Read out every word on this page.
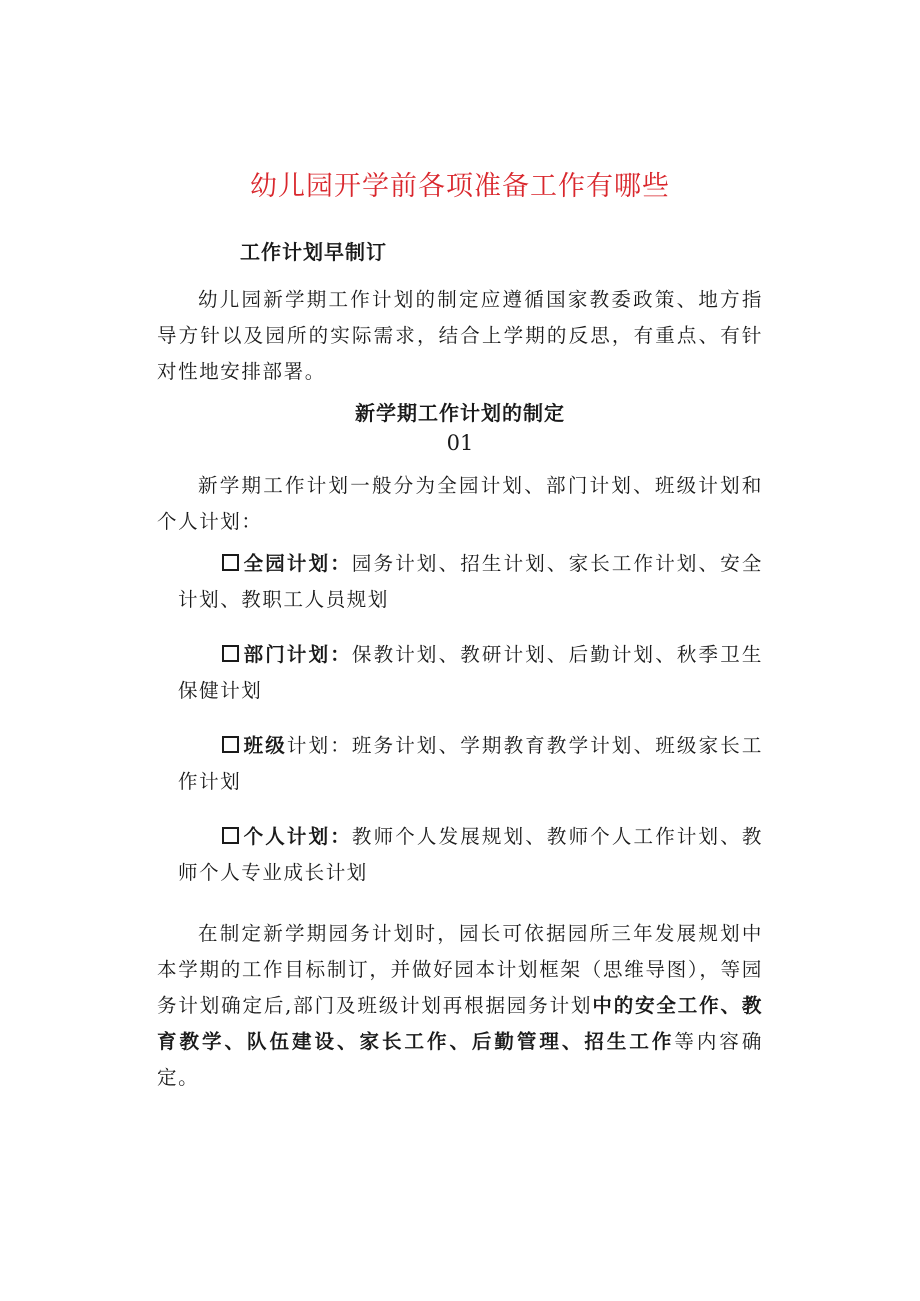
幼儿园开学前各项准备工作有哪些
工作计划早制订

幼儿园新学期工作计划的制定应遵循国家教委政策、地方指导方针以及园所的实际需求，结合上学期的反思，有重点、有针对性地安排部署。

新学期工作计划的制定

01

新学期工作计划一般分为全园计划、部门计划、班级计划和个人计划：

全园计划：园务计划、招生计划、家长工作计划、安全计划、教职工人员规划
部门计划：保教计划、教研计划、后勤计划、秋季卫生保健计划
班级计划：班务计划、学期教育教学计划、班级家长工作计划
个人计划：教师个人发展规划、教师个人工作计划、教师个人专业成长计划

在制定新学期园务计划时，园长可依据园所三年发展规划中本学期的工作目标制订，并做好园本计划框架（思维导图），等园务计划确定后,部门及班级计划再根据园务计划中的安全工作、教育教学、队伍建设、家长工作、后勤管理、招生工作等内容确定。
